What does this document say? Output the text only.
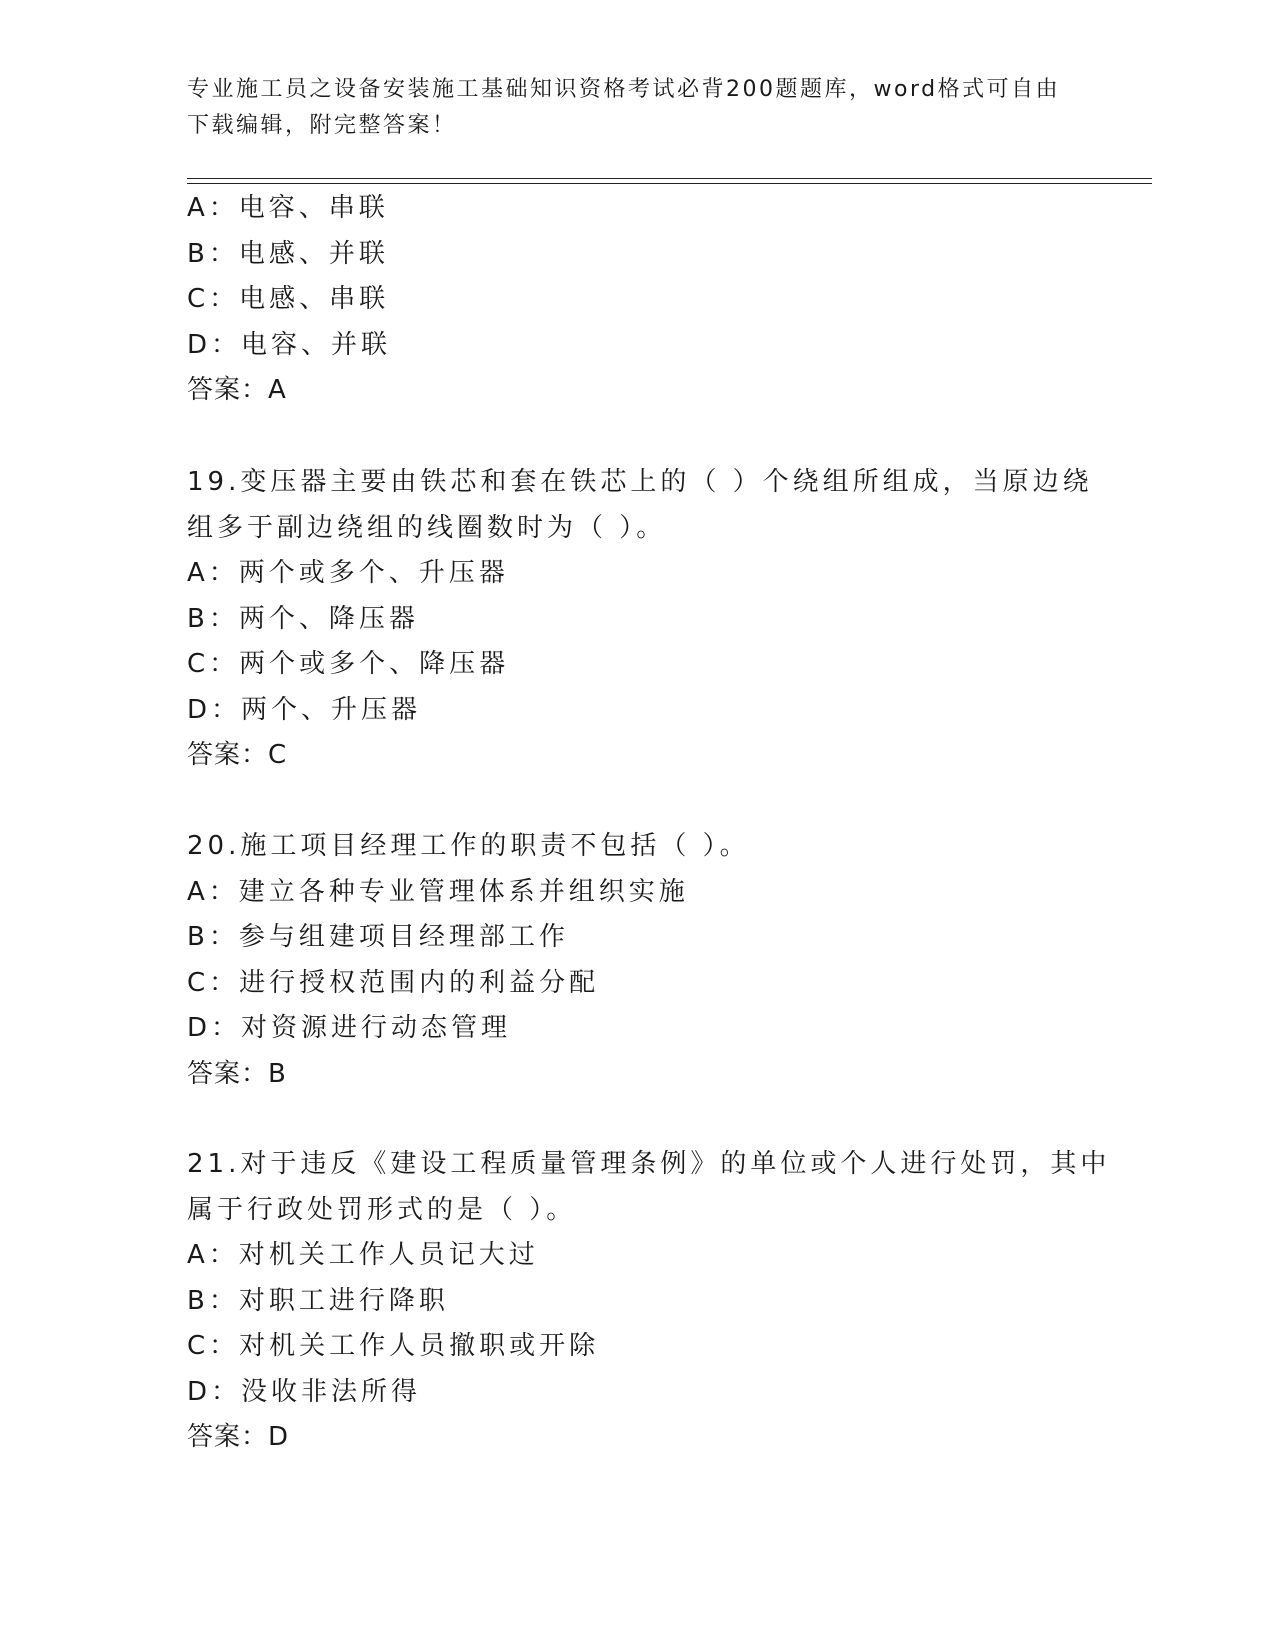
专业施工员之设备安装施工基础知识资格考试必背200题题库，word格式可自由
下载编辑，附完整答案！
A：电容、串联
B：电感、并联
C：电感、串联
D：电容、并联
答案：A
19.变压器主要由铁芯和套在铁芯上的（ ）个绕组所组成，当原边绕
组多于副边绕组的线圈数时为（ ）。
A：两个或多个、升压器
B：两个、降压器
C：两个或多个、降压器
D：两个、升压器
答案：C
20.施工项目经理工作的职责不包括（ ）。
A：建立各种专业管理体系并组织实施
B：参与组建项目经理部工作
C：进行授权范围内的利益分配
D：对资源进行动态管理
答案：B
21.对于违反《建设工程质量管理条例》的单位或个人进行处罚，其中
属于行政处罚形式的是（ ）。
A：对机关工作人员记大过
B：对职工进行降职
C：对机关工作人员撤职或开除
D：没收非法所得
答案：D
